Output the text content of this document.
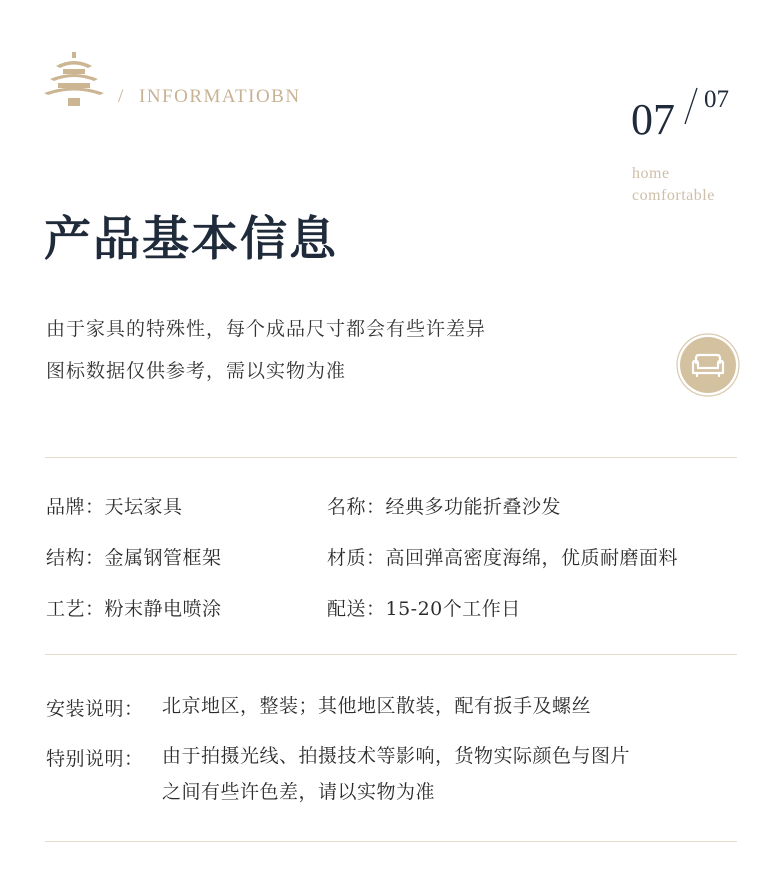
/ INFORMATIOBN	07 07
home
comfortable
产品基本信息
由于家具的特殊性，每个成品尺寸都会有些许差异
图标数据仅供参考，需以实物为准
品牌：天坛家具	名称：经典多功能折叠沙发
结构：金属钢管框架	材质：高回弹高密度海绵，优质耐磨面料
工艺：粉末静电喷涂	配送：15-20个工作日
安装说明： 北京地区，整装；其他地区散装，配有扳手及螺丝
特别说明： 由于拍摄光线、拍摄技术等影响，货物实际颜色与图片
之间有些许色差，请以实物为准
